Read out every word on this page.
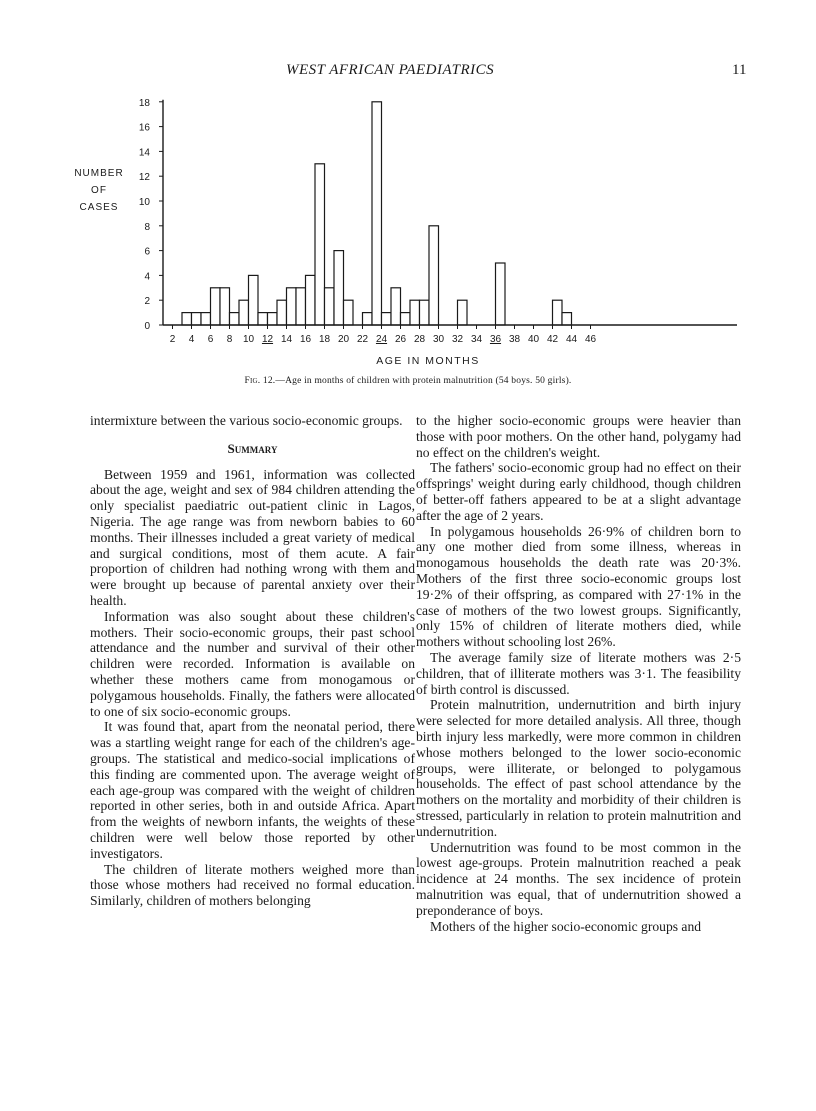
WEST AFRICAN PAEDIATRICS	11
NUMBER
OF
CASES
0
2
4
6
8
10
12
14
16
18
2 4 6 8 10 12 14 16 18 20 22 24 26 28 30 32 34 36 38 40 42 44 46
AGE IN MONTHS
Fig. 12.—Age in months of children with protein malnutrition (54 boys. 50 girls).

intermixture between the various socio-economic groups.

Summary

Between 1959 and 1961, information was collected about the age, weight and sex of 984 children attending the only specialist paediatric out-patient clinic in Lagos, Nigeria. The age range was from newborn babies to 60 months. Their illnesses included a great variety of medical and surgical conditions, most of them acute. A fair proportion of children had nothing wrong with them and were brought up because of parental anxiety over their health.

Information was also sought about these children's mothers. Their socio-economic groups, their past school attendance and the number and survival of their other children were recorded. Information is available on whether these mothers came from monogamous or polygamous households. Finally, the fathers were allocated to one of six socio-economic groups.

It was found that, apart from the neonatal period, there was a startling weight range for each of the children's age-groups. The statistical and medico-social implications of this finding are commented upon. The average weight of each age-group was compared with the weight of children reported in other series, both in and outside Africa. Apart from the weights of newborn infants, the weights of these children were well below those reported by other investigators.

The children of literate mothers weighed more than those whose mothers had received no formal education. Similarly, children of mothers belonging

to the higher socio-economic groups were heavier than those with poor mothers. On the other hand, polygamy had no effect on the children's weight.

The fathers' socio-economic group had no effect on their offsprings' weight during early childhood, though children of better-off fathers appeared to be at a slight advantage after the age of 2 years.

In polygamous households 26·9% of children born to any one mother died from some illness, whereas in monogamous households the death rate was 20·3%. Mothers of the first three socio-economic groups lost 19·2% of their offspring, as compared with 27·1% in the case of mothers of the two lowest groups. Significantly, only 15% of children of literate mothers died, while mothers without schooling lost 26%.

The average family size of literate mothers was 2·5 children, that of illiterate mothers was 3·1. The feasibility of birth control is discussed.

Protein malnutrition, undernutrition and birth injury were selected for more detailed analysis. All three, though birth injury less markedly, were more common in children whose mothers belonged to the lower socio-economic groups, were illiterate, or belonged to polygamous households. The effect of past school attendance by the mothers on the mortality and morbidity of their children is stressed, particularly in relation to protein malnutrition and undernutrition.

Undernutrition was found to be most common in the lowest age-groups. Protein malnutrition reached a peak incidence at 24 months. The sex incidence of protein malnutrition was equal, that of undernutrition showed a preponderance of boys.

Mothers of the higher socio-economic groups and
